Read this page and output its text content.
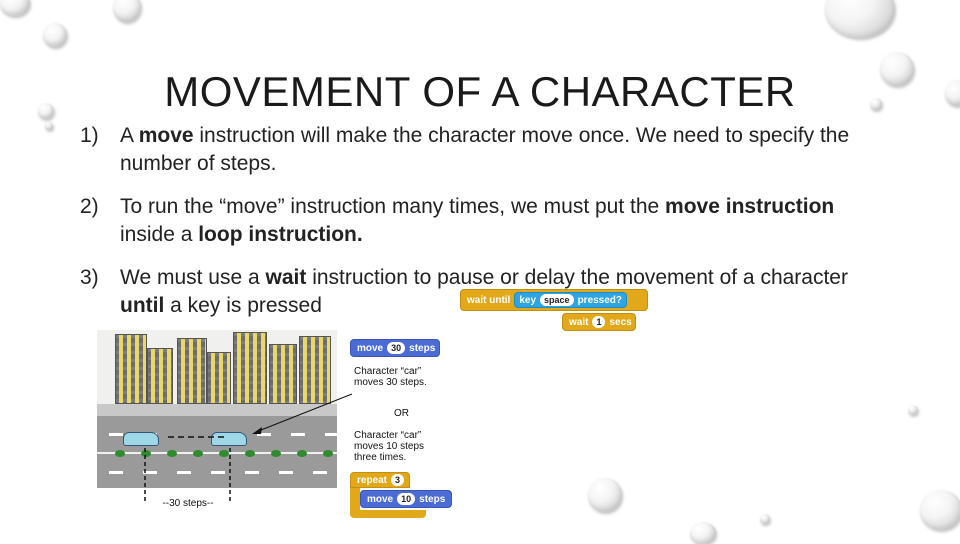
MOVEMENT OF A CHARACTER
1) A move instruction will make the character move once. We need to specify the number of steps.
2) To run the “move” instruction many times, we must put the move instruction inside a loop instruction.
3) We must use a wait instruction to pause or delay the movement of a character until a key is pressed	wait until key space pressed?
wait 1 secs
move 30 steps
Character “car” moves 30 steps.
OR
Character “car” moves 10 steps three times.
repeat 3
move 10 steps
--30 steps--
